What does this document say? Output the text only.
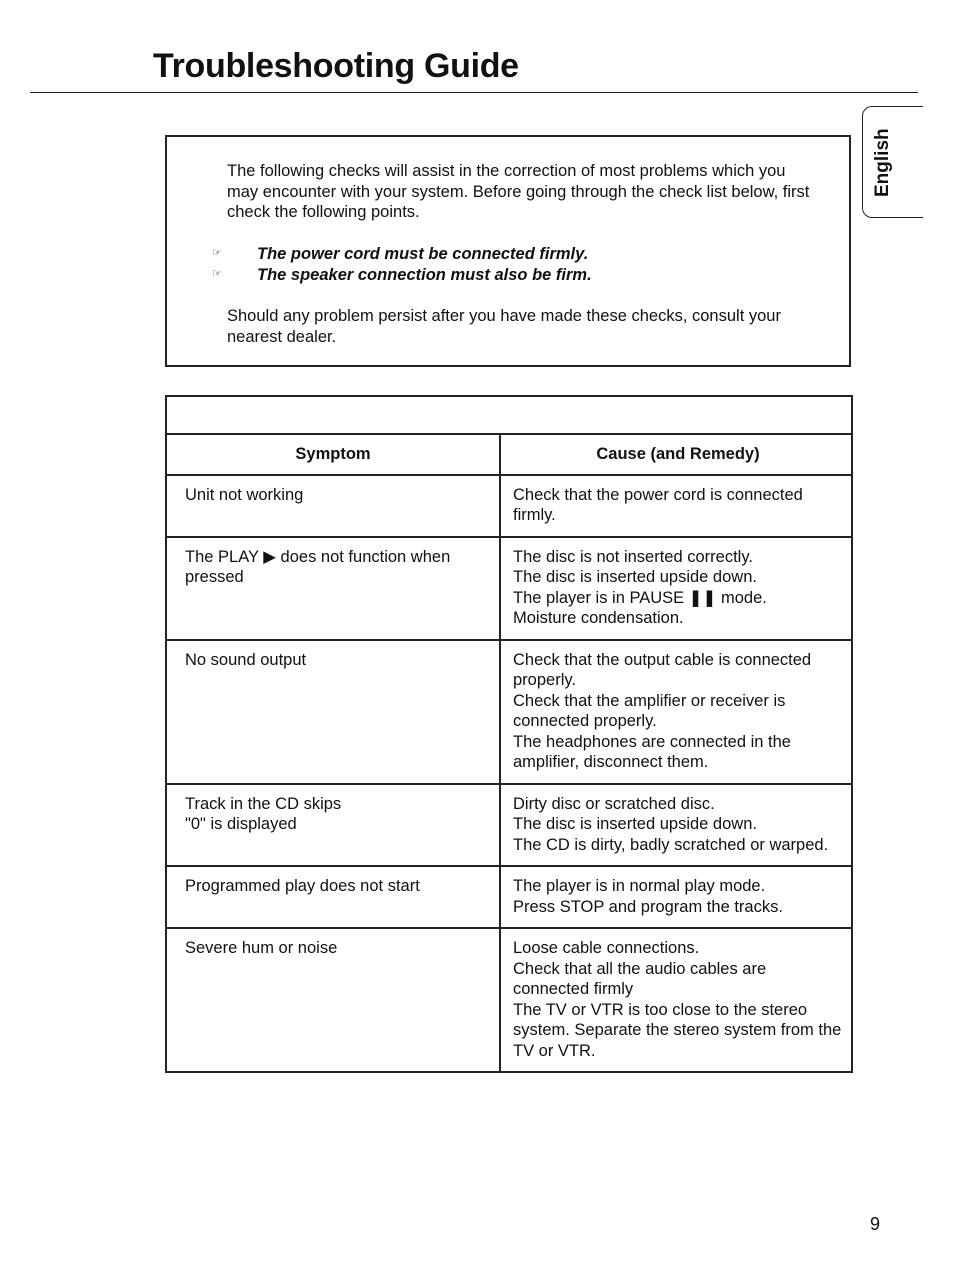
Troubleshooting Guide
English

The following checks will assist in the correction of most problems which you may encounter with your system. Before going through the check list below, first check the following points.

☞ The power cord must be connected firmly.
☞ The speaker connection must also be firm.

Should any problem persist after you have made these checks, consult your nearest dealer.

Symptom	Cause (and Remedy)
Unit not working	Check that the power cord is connected firmly.
The PLAY ▶ does not function when pressed	The disc is not inserted correctly.
The disc is inserted upside down.
The player is in PAUSE ❚❚ mode.
Moisture condensation.
No sound output	Check that the output cable is connected properly.
Check that the amplifier or receiver is connected properly.
The headphones are connected in the amplifier, disconnect them.
Track in the CD skips
"0" is displayed	Dirty disc or scratched disc.
The disc is inserted upside down.
The CD is dirty, badly scratched or warped.
Programmed play does not start	The player is in normal play mode.
Press STOP and program the tracks.
Severe hum or noise	Loose cable connections.
Check that all the audio cables are connected firmly
The TV or VTR is too close to the stereo system. Separate the stereo system from the TV or VTR.
9
